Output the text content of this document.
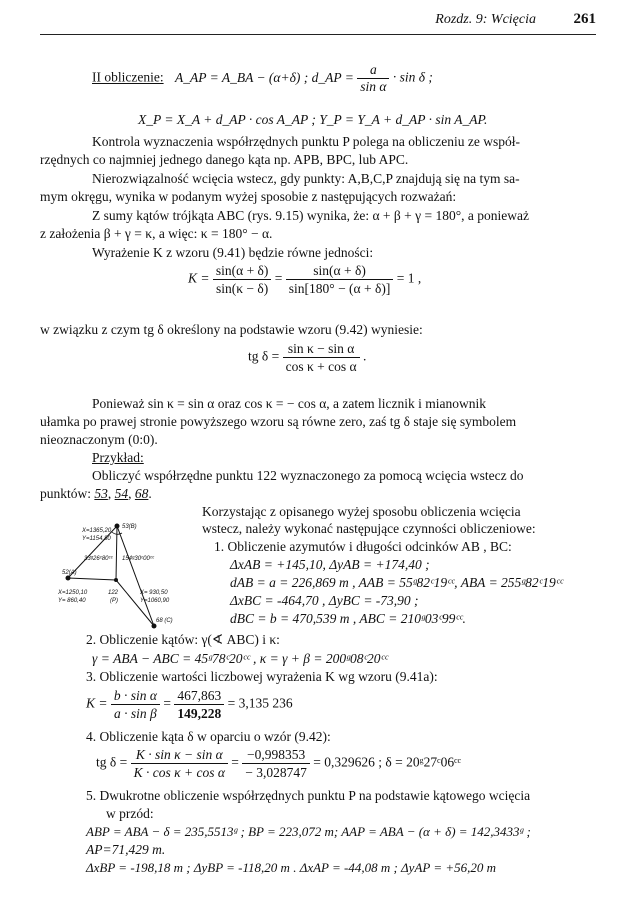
Rozdz. 9: Wcięcia	261
II obliczenie: A_AP = A_BA − (α+δ) ; d_AP = $\frac{a}{\text{sin α}} \cdot \sin \delta$ ;
X_P = X_A + d_AP · cos A_AP ; Y_P = Y_A + d_AP · sin A_AP.
Kontrola wyznaczenia współrzędnych punktu P polega na obliczeniu ze współ-
rzędnych co najmniej jednego danego kąta np. APB, BPC, lub APC.
Nierozwiązalność wcięcia wstecz, gdy punkty: A,B,C,P znajdują się na tym sa-
mym okręgu, wynika w podanym wyżej sposobie z następujących rozważań:
Z sumy kątów trójkąta ABC (rys. 9.15) wynika, że: α + β + γ = 180°, a ponieważ
z założenia β + γ = κ, a więc: κ = 180° − α.
Wyrażenie K z wzoru (9.41) będzie równe jedności:
$K = \frac{\sin(\alpha + \delta)}{\sin(\kappa - \delta)} = \frac{\sin(\alpha + \delta)}{\sin[180^\circ - (\alpha + \delta)]} = 1$ ,
w związku z czym tg δ określony na podstawie wzoru (9.42) wyniesie:
tg $\delta = \frac{\text{sin κ − sin α}}{\text{cos κ + cos α}}$ .
Ponieważ sin κ = sin α oraz cos κ = − cos α, a zatem licznik i mianownik
ułamka po prawej stronie powyższego wzoru są równe zero, zaś tg δ staje się symbolem
nieoznaczonym (0:0).
Przykład:
Obliczyć współrzędne punktu 122 wyznaczonego za pomocą wcięcia wstecz do
punktów: 53, 54, 68.
Korzystając z opisanego wyżej sposobu obliczenia wcięcia
wstecz, należy wykonać następujące czynności obliczeniowe:
53(B)
X=1365,20
Y=1154,80
33ᵍ26ᶜ80ᶜᶜ 154ᵍ30ᶜ00ᶜᶜ
52(A)
X=1250,10
Y= 860,40
122
(P)
X= 930,50
Y=1060,90
68 (C)
1. Obliczenie azymutów i długości odcinków AB , BC:
ΔxAB = +145,10, ΔyAB = +174,40 ;
dAB = a = 226,869 m , AAB = 55ᵍ82ᶜ19ᶜᶜ, ABA = 255ᵍ82ᶜ19ᶜᶜ
ΔxBC = -464,70 , ΔyBC = -73,90 ;
dBC = b = 470,539 m , ABC = 210ᵍ03ᶜ99ᶜᶜ.
2. Obliczenie kątów: γ(∢ ABC) i κ:
γ = ABA − ABC = 45ᵍ78ᶜ20ᶜᶜ , κ = γ + β = 200ᵍ08ᶜ20ᶜᶜ
3. Obliczenie wartości liczbowej wyrażenia K wg wzoru (9.41a):
$K = \frac{\text{b · sin α}}{\text{a · sin β}} = \frac{467,863}{149,228} = 3,135$ 236
4. Obliczenie kąta δ w oparciu o wzór (9.42):
tg $\delta = \frac{\text{K · sin κ − sin α}}{\text{K · cos κ + cos α}} = \frac{-0,998353}{- 3,028747} = 0,329626$ ; δ = 20ᵍ27ᶜ06ᶜᶜ
5. Dwukrotne obliczenie współrzędnych punktu P na podstawie kątowego wcięcia
w przód:
ABP = ABA − δ = 235,5513ᵍ ; BP = 223,072 m; AAP = ABA − (α + δ) = 142,3433ᵍ ;
AP=71,429 m.
ΔxBP = -198,18 m ; ΔyBP = -118,20 m . ΔxAP = -44,08 m ; ΔyAP = +56,20 m
